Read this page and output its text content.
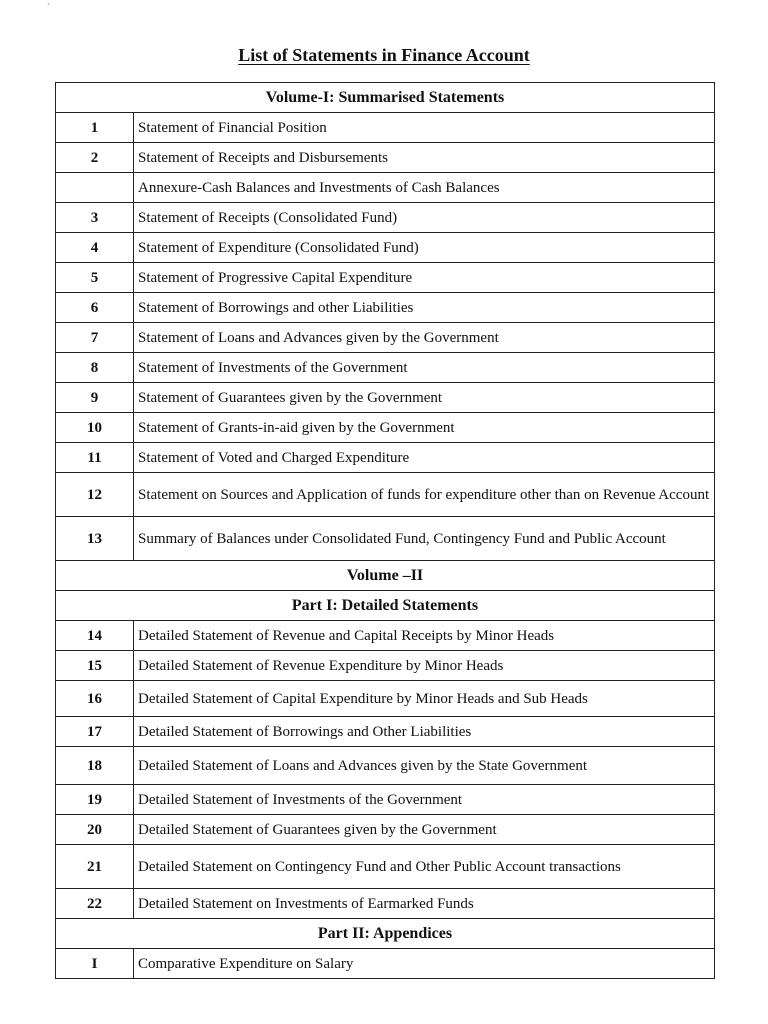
`
List of Statements in Finance Account
Volume-I: Summarised Statements	
1	Statement of Financial Position
2	Statement of Receipts and Disbursements
	Annexure-Cash Balances and Investments of Cash Balances
3	Statement of Receipts (Consolidated Fund)
4	Statement of Expenditure (Consolidated Fund)
5	Statement of Progressive Capital Expenditure
6	Statement of Borrowings and other Liabilities
7	Statement of Loans and Advances given by the Government
8	Statement of Investments of the Government
9	Statement of Guarantees given by the Government
10	Statement of Grants-in-aid given by the Government
11	Statement of Voted and Charged Expenditure
12	Statement on Sources and Application of funds for expenditure other than on Revenue Account
13	Summary of Balances under Consolidated Fund, Contingency Fund and Public Account
Volume –II	
Part I: Detailed Statements	
14	Detailed Statement of Revenue and Capital Receipts by Minor Heads
15	Detailed Statement of Revenue Expenditure by Minor Heads
16	Detailed Statement of Capital Expenditure by Minor Heads and Sub Heads
17	Detailed Statement of Borrowings and Other Liabilities
18	Detailed Statement of Loans and Advances given by the State Government
19	Detailed Statement of Investments of the Government
20	Detailed Statement of Guarantees given by the Government
21	Detailed Statement on Contingency Fund and Other Public Account transactions
22	Detailed Statement on Investments of Earmarked Funds
Part II: Appendices	
I	Comparative Expenditure on Salary
